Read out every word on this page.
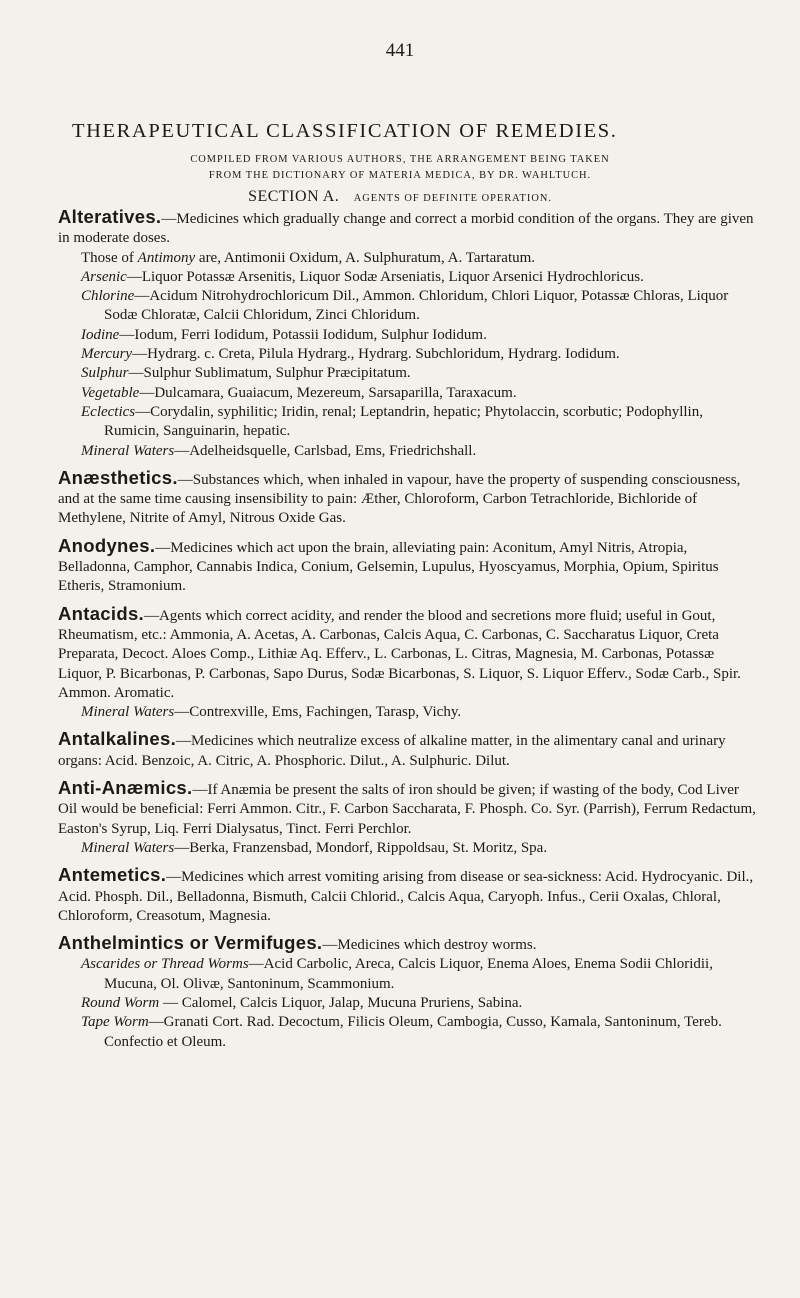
441
THERAPEUTICAL CLASSIFICATION OF REMEDIES.
COMPILED FROM VARIOUS AUTHORS, THE ARRANGEMENT BEING TAKEN
FROM THE DICTIONARY OF MATERIA MEDICA, BY DR. WAHLTUCH.
SECTION A. AGENTS OF DEFINITE OPERATION.
Alteratives.—Medicines which gradually change and correct a morbid condition of the organs. They are given in moderate doses.
Those of Antimony are, Antimonii Oxidum, A. Sulphuratum, A. Tartaratum.
Arsenic—Liquor Potassæ Arsenitis, Liquor Sodæ Arseniatis, Liquor Arsenici Hydrochloricus.
Chlorine—Acidum Nitrohydrochloricum Dil., Ammon. Chloridum, Chlori Liquor, Potassæ Chloras, Liquor Sodæ Chloratæ, Calcii Chloridum, Zinci Chloridum.
Iodine—Iodum, Ferri Iodidum, Potassii Iodidum, Sulphur Iodidum.
Mercury—Hydrarg. c. Creta, Pilula Hydrarg., Hydrarg. Subchloridum, Hydrarg. Iodidum.
Sulphur—Sulphur Sublimatum, Sulphur Præcipitatum.
Vegetable—Dulcamara, Guaiacum, Mezereum, Sarsaparilla, Taraxacum.
Eclectics—Corydalin, syphilitic; Iridin, renal; Leptandrin, hepatic; Phytolaccin, scorbutic; Podophyllin, Rumicin, Sanguinarin, hepatic.
Mineral Waters—Adelheidsquelle, Carlsbad, Ems, Friedrichshall.
Anæsthetics.—Substances which, when inhaled in vapour, have the property of suspending consciousness, and at the same time causing insensibility to pain: Æther, Chloroform, Carbon Tetrachloride, Bichloride of Methylene, Nitrite of Amyl, Nitrous Oxide Gas.
Anodynes.—Medicines which act upon the brain, alleviating pain: Aconitum, Amyl Nitris, Atropia, Belladonna, Camphor, Cannabis Indica, Conium, Gelsemin, Lupulus, Hyoscyamus, Morphia, Opium, Spiritus Etheris, Stramonium.
Antacids.—Agents which correct acidity, and render the blood and secretions more fluid; useful in Gout, Rheumatism, etc.: Ammonia, A. Acetas, A. Carbonas, Calcis Aqua, C. Carbonas, C. Saccharatus Liquor, Creta Preparata, Decoct. Aloes Comp., Lithiæ Aq. Efferv., L. Carbonas, L. Citras, Magnesia, M. Carbonas, Potassæ Liquor, P. Bicarbonas, P. Carbonas, Sapo Durus, Sodæ Bicarbonas, S. Liquor, S. Liquor Efferv., Sodæ Carb., Spir. Ammon. Aromatic.
Mineral Waters—Contrexville, Ems, Fachingen, Tarasp, Vichy.
Antalkalines.—Medicines which neutralize excess of alkaline matter, in the alimentary canal and urinary organs: Acid. Benzoic, A. Citric, A. Phosphoric. Dilut., A. Sulphuric. Dilut.
Anti-Anæmics.—If Anæmia be present the salts of iron should be given; if wasting of the body, Cod Liver Oil would be beneficial: Ferri Ammon. Citr., F. Carbon Saccharata, F. Phosph. Co. Syr. (Parrish), Ferrum Redactum, Easton's Syrup, Liq. Ferri Dialysatus, Tinct. Ferri Perchlor.
Mineral Waters—Berka, Franzensbad, Mondorf, Rippoldsau, St. Moritz, Spa.
Antemetics.—Medicines which arrest vomiting arising from disease or sea-sickness: Acid. Hydrocyanic. Dil., Acid. Phosph. Dil., Belladonna, Bismuth, Calcii Chlorid., Calcis Aqua, Caryoph. Infus., Cerii Oxalas, Chloral, Chloroform, Creasotum, Magnesia.
Anthelmintics or Vermifuges.—Medicines which destroy worms.
Ascarides or Thread Worms—Acid Carbolic, Areca, Calcis Liquor, Enema Aloes, Enema Sodii Chloridii, Mucuna, Ol. Olivæ, Santoninum, Scammonium.
Round Worm — Calomel, Calcis Liquor, Jalap, Mucuna Pruriens, Sabina.
Tape Worm—Granati Cort. Rad. Decoctum, Filicis Oleum, Cambogia, Cusso, Kamala, Santoninum, Tereb. Confectio et Oleum.
